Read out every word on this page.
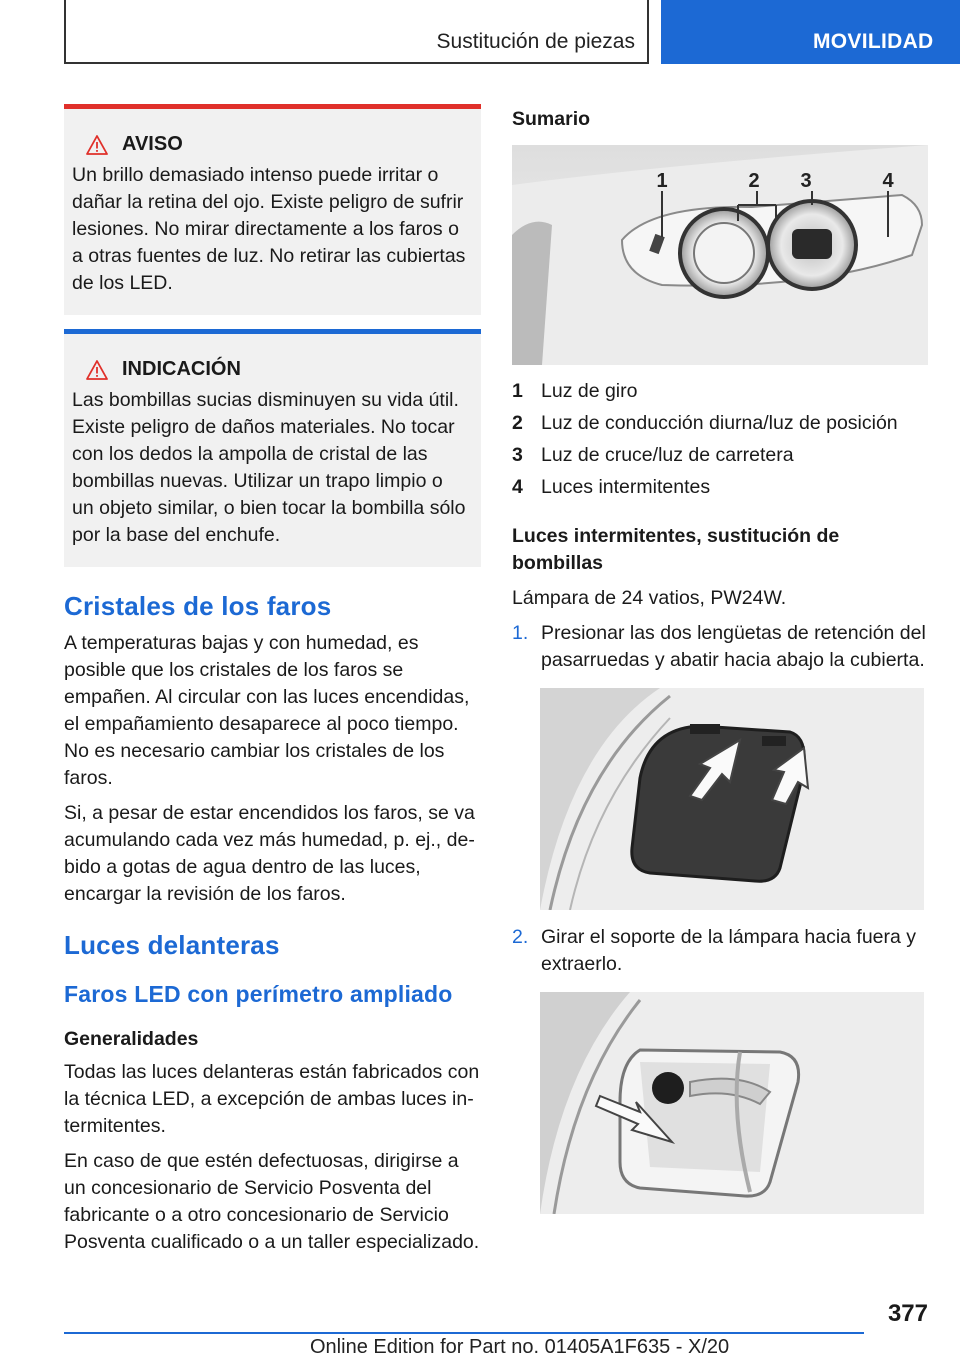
Sustitución de piezas	MOVILIDAD
AVISO
Un brillo demasiado intenso puede irritar o dañar la retina del ojo. Existe peligro de sufrir lesiones. No mirar directamente a los faros o a otras fuentes de luz. No retirar las cubiertas de los LED.
INDICACIÓN
Las bombillas sucias disminuyen su vida útil. Existe peligro de daños materiales. No tocar con los dedos la ampolla de cristal de las bombillas nuevas. Utilizar un trapo limpio o un objeto similar, o bien tocar la bombilla sólo por la base del enchufe.
Cristales de los faros

A temperaturas bajas y con humedad, es posible que los cristales de los faros se empañen. Al circular con las luces encendidas, el empañamiento desaparece al poco tiempo. No es necesario cambiar los cristales de los faros.

Si, a pesar de estar encendidos los faros, se va acumulando cada vez más humedad, p. ej., debido a gotas de agua dentro de las luces, encargar la revisión de los faros.

Luces delanteras
Faros LED con perímetro ampliado
Generalidades

Todas las luces delanteras están fabricados con la técnica LED, a excepción de ambas luces intermitentes.

En caso de que estén defectuosas, dirigirse a un concesionario de Servicio Posventa del fabricante o a otro concesionario de Servicio Posventa cualificado o a un taller especializado.

Sumario
1	2 3	4
1 Luz de giro
2 Luz de conducción diurna/luz de posición
3 Luz de cruce/luz de carretera
4 Luces intermitentes
Luces intermitentes, sustitución de bombillas

Lámpara de 24 vatios, PW24W.

1. Presionar las dos lengüetas de retención del pasarruedas y abatir hacia abajo la cubierta.
2. Girar el soporte de la lámpara hacia fuera y extraerlo.
377
Online Edition for Part no. 01405A1F635 - X/20
